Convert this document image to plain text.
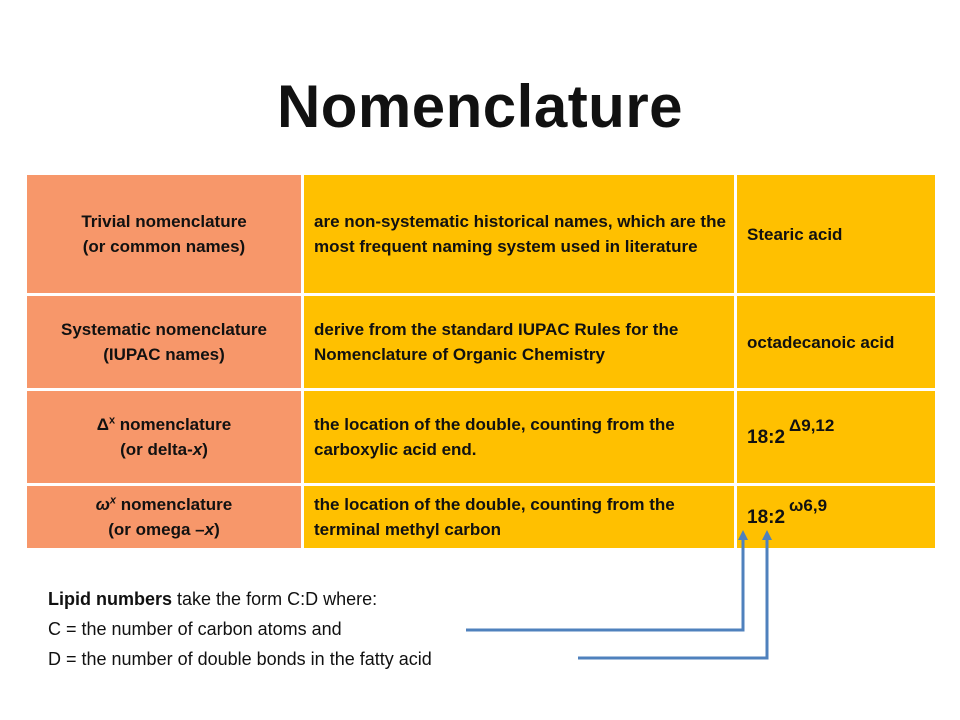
Nomenclature
Trivial nomenclature
(or common names)	are non-systematic historical names, which are the most frequent naming system used in literature	Stearic acid
Systematic nomenclature
(IUPAC names)	derive from the standard IUPAC Rules for the Nomenclature of Organic Chemistry	octadecanoic acid
$\Delta^x$ nomenclature
(or delta-x)	the location of the double, counting from the carboxylic acid end.	$18:2^{\Delta 9,12}$
$\omega^x$ nomenclature
(or omega –x)	the location of the double, counting from the terminal methyl carbon	$18:2^{\omega 6,9}$
Lipid numbers take the form C:D where:
C = the number of carbon atoms and
D = the number of double bonds in the fatty acid
